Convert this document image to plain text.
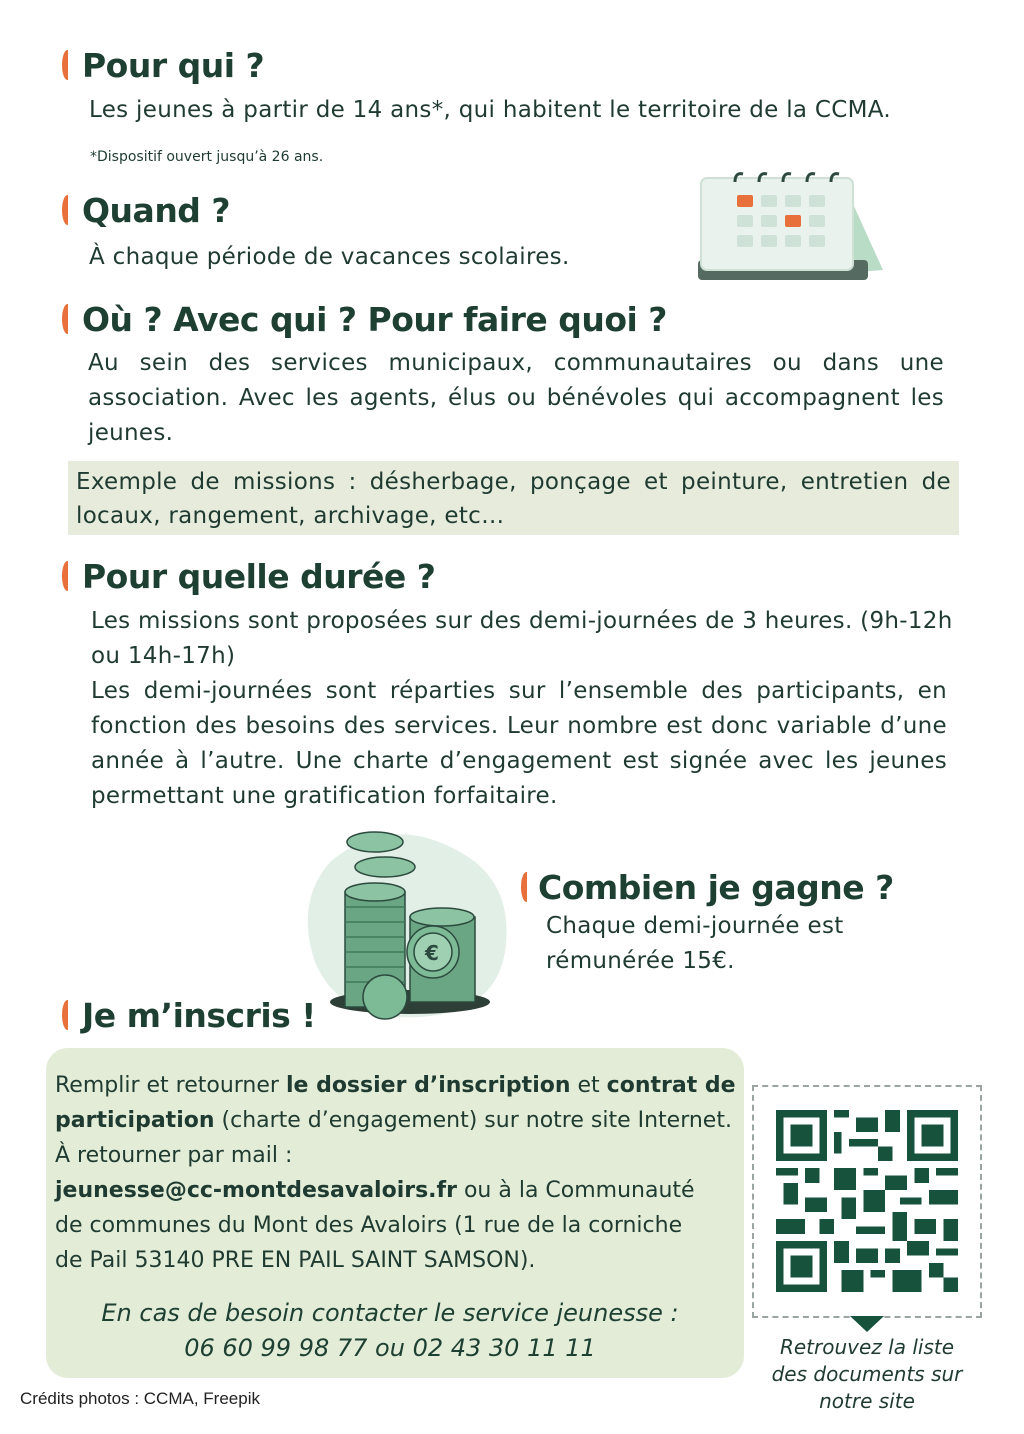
Pour qui ?
Les jeunes à partir de 14 ans*, qui habitent le territoire de la CCMA.
*Dispositif ouvert jusqu’à 26 ans.
Quand ?
À chaque période de vacances scolaires.
Où ? Avec qui ? Pour faire quoi ?
Au sein des services municipaux, communautaires ou dans une
association. Avec les agents, élus ou bénévoles qui accompagnent les
jeunes.
Exemple de missions : désherbage, ponçage et peinture, entretien de
locaux, rangement, archivage, etc…
Pour quelle durée ?
Les missions sont proposées sur des demi-journées de 3 heures. (9h-12h
ou 14h-17h)
Les demi-journées sont réparties sur l’ensemble des participants, en
fonction des besoins des services. Leur nombre est donc variable d’une
année à l’autre. Une charte d’engagement est signée avec les jeunes
permettant une gratification forfaitaire.
€
Combien je gagne ?
Chaque demi-journée est
rémunérée 15€.
Je m’inscris !
Remplir et retourner le dossier d’inscription et contrat de
participation (charte d’engagement) sur notre site Internet.
À retourner par mail :
jeunesse@cc-montdesavaloirs.fr ou à la Communauté
de communes du Mont des Avaloirs (1 rue de la corniche
de Pail 53140 PRE EN PAIL SAINT SAMSON).
En cas de besoin contacter le service jeunesse :
06 60 99 98 77 ou 02 43 30 11 11	Retrouvez la liste
des documents sur
notre site
Crédits photos : CCMA, Freepik
